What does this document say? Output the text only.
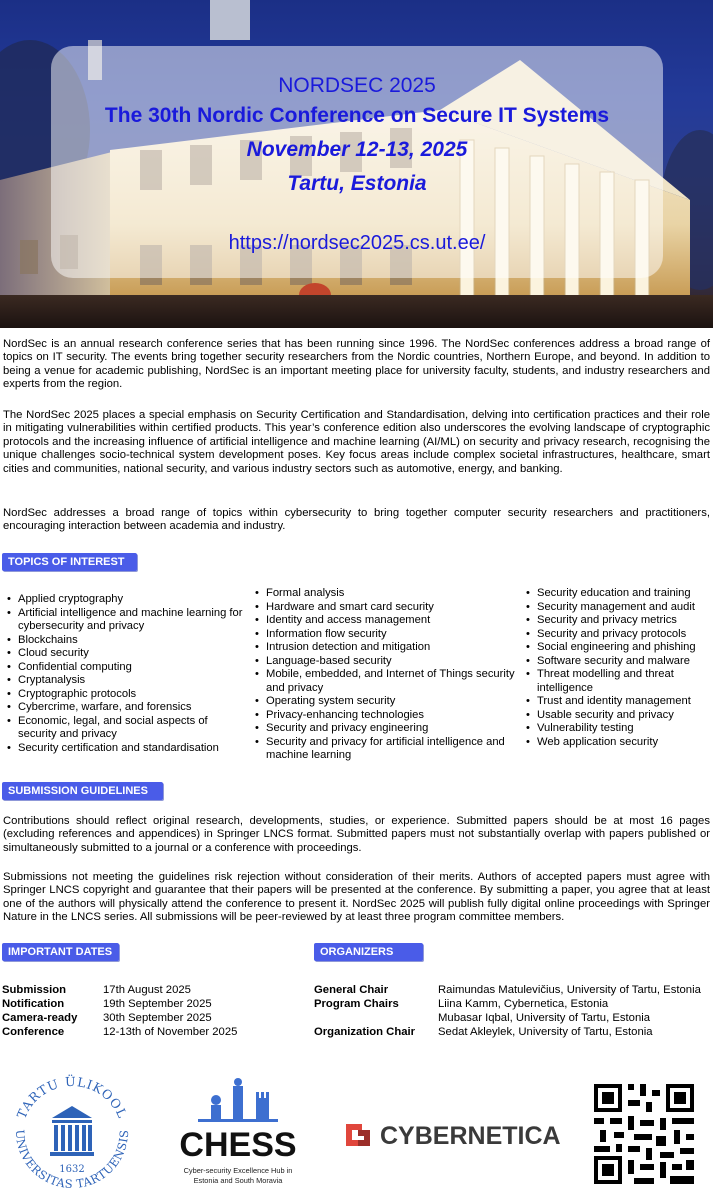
NORDSEC 2025
The 30th Nordic Conference on Secure IT Systems
November 12-13, 2025
Tartu, Estonia
https://nordsec2025.cs.ut.ee/
NordSec is an annual research conference series that has been running since 1996. The NordSec conferences address a broad range of topics on IT security. The events bring together security researchers from the Nordic countries, Northern Europe, and beyond. In addition to being a venue for academic publishing, NordSec is an important meeting place for university faculty, students, and industry researchers and experts from the region.
The NordSec 2025 places a special emphasis on Security Certification and Standardisation, delving into certification practices and their role in mitigating vulnerabilities within certified products. This year’s conference edition also underscores the evolving landscape of cryptographic protocols and the increasing influence of artificial intelligence and machine learning (AI/ML) on security and privacy research, recognising the unique challenges socio-technical system development poses. Key focus areas include complex societal infrastructures, healthcare, smart cities and communities, national security, and various industry sectors such as automotive, energy, and banking.
NordSec addresses a broad range of topics within cybersecurity to bring together computer security researchers and practitioners, encouraging interaction between academia and industry.
TOPICS OF INTEREST
• Applied cryptography
• Artificial intelligence and machine learning for cybersecurity and privacy
• Blockchains
• Cloud security
• Confidential computing
• Cryptanalysis
• Cryptographic protocols
• Cybercrime, warfare, and forensics
• Economic, legal, and social aspects of security and privacy
• Security certification and standardisation
• Formal analysis
• Hardware and smart card security
• Identity and access management
• Information flow security
• Intrusion detection and mitigation
• Language-based security
• Mobile, embedded, and Internet of Things security and privacy
• Operating system security
• Privacy-enhancing technologies
• Security and privacy engineering
• Security and privacy for artificial intelligence and machine learning
• Security education and training
• Security management and audit
• Security and privacy metrics
• Security and privacy protocols
• Social engineering and phishing
• Software security and malware
• Threat modelling and threat intelligence
• Trust and identity management
• Usable security and privacy
• Vulnerability testing
• Web application security
SUBMISSION GUIDELINES
Contributions should reflect original research, developments, studies, or experience. Submitted papers should be at most 16 pages (excluding references and appendices) in Springer LNCS format. Submitted papers must not substantially overlap with papers published or simultaneously submitted to a journal or a conference with proceedings.
Submissions not meeting the guidelines risk rejection without consideration of their merits. Authors of accepted papers must agree with Springer LNCS copyright and guarantee that their papers will be presented at the conference. By submitting a paper, you agree that at least one of the authors will physically attend the conference to present it. NordSec 2025 will publish fully digital online proceedings with Springer Nature in the LNCS series. All submissions will be peer-reviewed by at least three program committee members.
IMPORTANT DATES
Submission	17th August 2025
Notification	19th September 2025
Camera-ready 30th September 2025
Conference	12-13th of November 2025
ORGANIZERS
General Chair	Raimundas Matulevičius, University of Tartu, Estonia
Program Chairs	Liina Kamm, Cybernetica, Estonia
Mubasar Iqbal, University of Tartu, Estonia
Organization Chair Sedat Akleylek, University of Tartu, Estonia
TARTU ÜLIKOOL
UNIVERSITAS TARTUENSIS
1632
CHESS
Cyber-security Excellence Hub in
Estonia and South Moravia
CYBERNETICA
